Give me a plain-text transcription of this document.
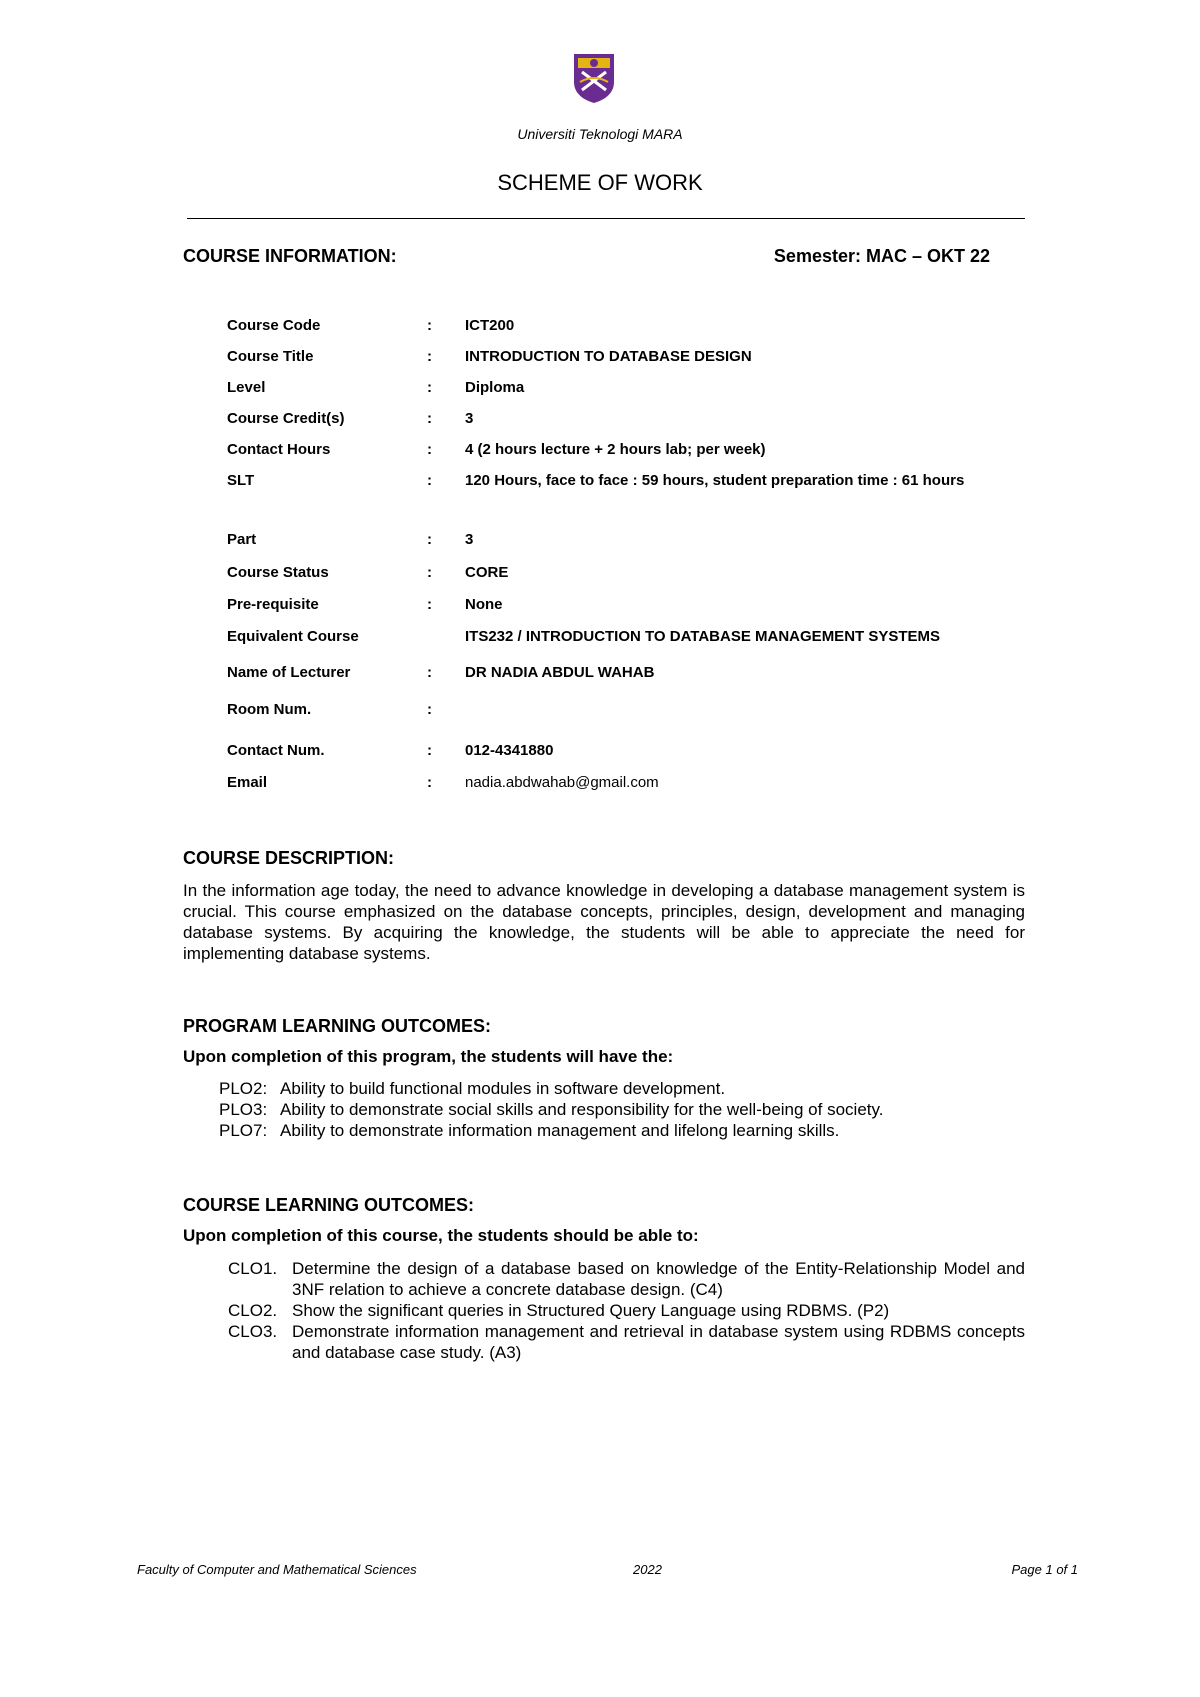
Universiti Teknologi MARA
SCHEME OF WORK
COURSE INFORMATION:	Semester: MAC – OKT 22
Course Code	:	ICT200
Course Title	:	INTRODUCTION TO DATABASE DESIGN
Level	:	Diploma
Course Credit(s)	:	3
Contact Hours	:	4 (2 hours lecture + 2 hours lab; per week)
SLT	:	120 Hours, face to face : 59 hours, student preparation time : 61 hours
Part	:	3
Course Status	:	CORE
Pre-requisite	:	None
Equivalent Course	ITS232 / INTRODUCTION TO DATABASE MANAGEMENT SYSTEMS
Name of Lecturer	:	DR NADIA ABDUL WAHAB
Room Num.	:
Contact Num.	:	012-4341880
Email	:	nadia.abdwahab@gmail.com
COURSE DESCRIPTION:
In the information age today, the need to advance knowledge in developing a database management system is crucial. This course emphasized on the database concepts, principles, design, development and managing database systems. By acquiring the knowledge, the students will be able to appreciate the need for implementing database systems.
PROGRAM LEARNING OUTCOMES:
Upon completion of this program, the students will have the:
PLO2: Ability to build functional modules in software development.
PLO3: Ability to demonstrate social skills and responsibility for the well-being of society.
PLO7: Ability to demonstrate information management and lifelong learning skills.
COURSE LEARNING OUTCOMES:
Upon completion of this course, the students should be able to:
CLO1. Determine the design of a database based on knowledge of the Entity-Relationship Model and 3NF relation to achieve a concrete database design. (C4)
CLO2. Show the significant queries in Structured Query Language using RDBMS. (P2)
CLO3. Demonstrate information management and retrieval in database system using RDBMS concepts and database case study. (A3)
Faculty of Computer and Mathematical Sciences	2022	Page 1 of 1
